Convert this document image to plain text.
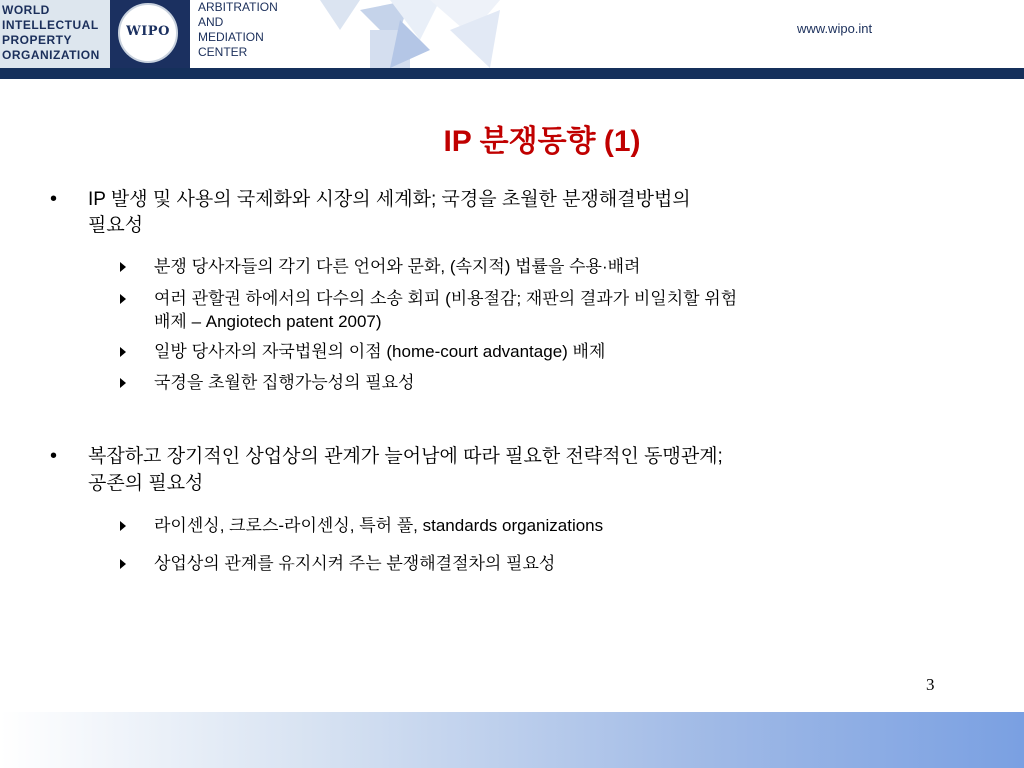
WORLD
INTELLECTUAL
PROPERTY
ORGANIZATION
WIPO
ARBITRATION
AND
MEDIATION
CENTER
www.wipo.int
IP 분쟁동향 (1)
• IP 발생 및 사용의 국제화와 시장의 세계화; 국경을 초월한 분쟁해결방법의
필요성
분쟁 당사자들의 각기 다른 언어와 문화, (속지적) 법률을 수용·배려
여러 관할권 하에서의 다수의 소송 회피 (비용절감; 재판의 결과가 비일치할 위험
배제 – Angiotech patent 2007)
일방 당사자의 자국법원의 이점 (home-court advantage) 배제
국경을 초월한 집행가능성의 필요성
• 복잡하고 장기적인 상업상의 관계가 늘어남에 따라 필요한 전략적인 동맹관계;
공존의 필요성
라이센싱, 크로스-라이센싱, 특허 풀, standards organizations
상업상의 관계를 유지시켜 주는 분쟁해결절차의 필요성
3
